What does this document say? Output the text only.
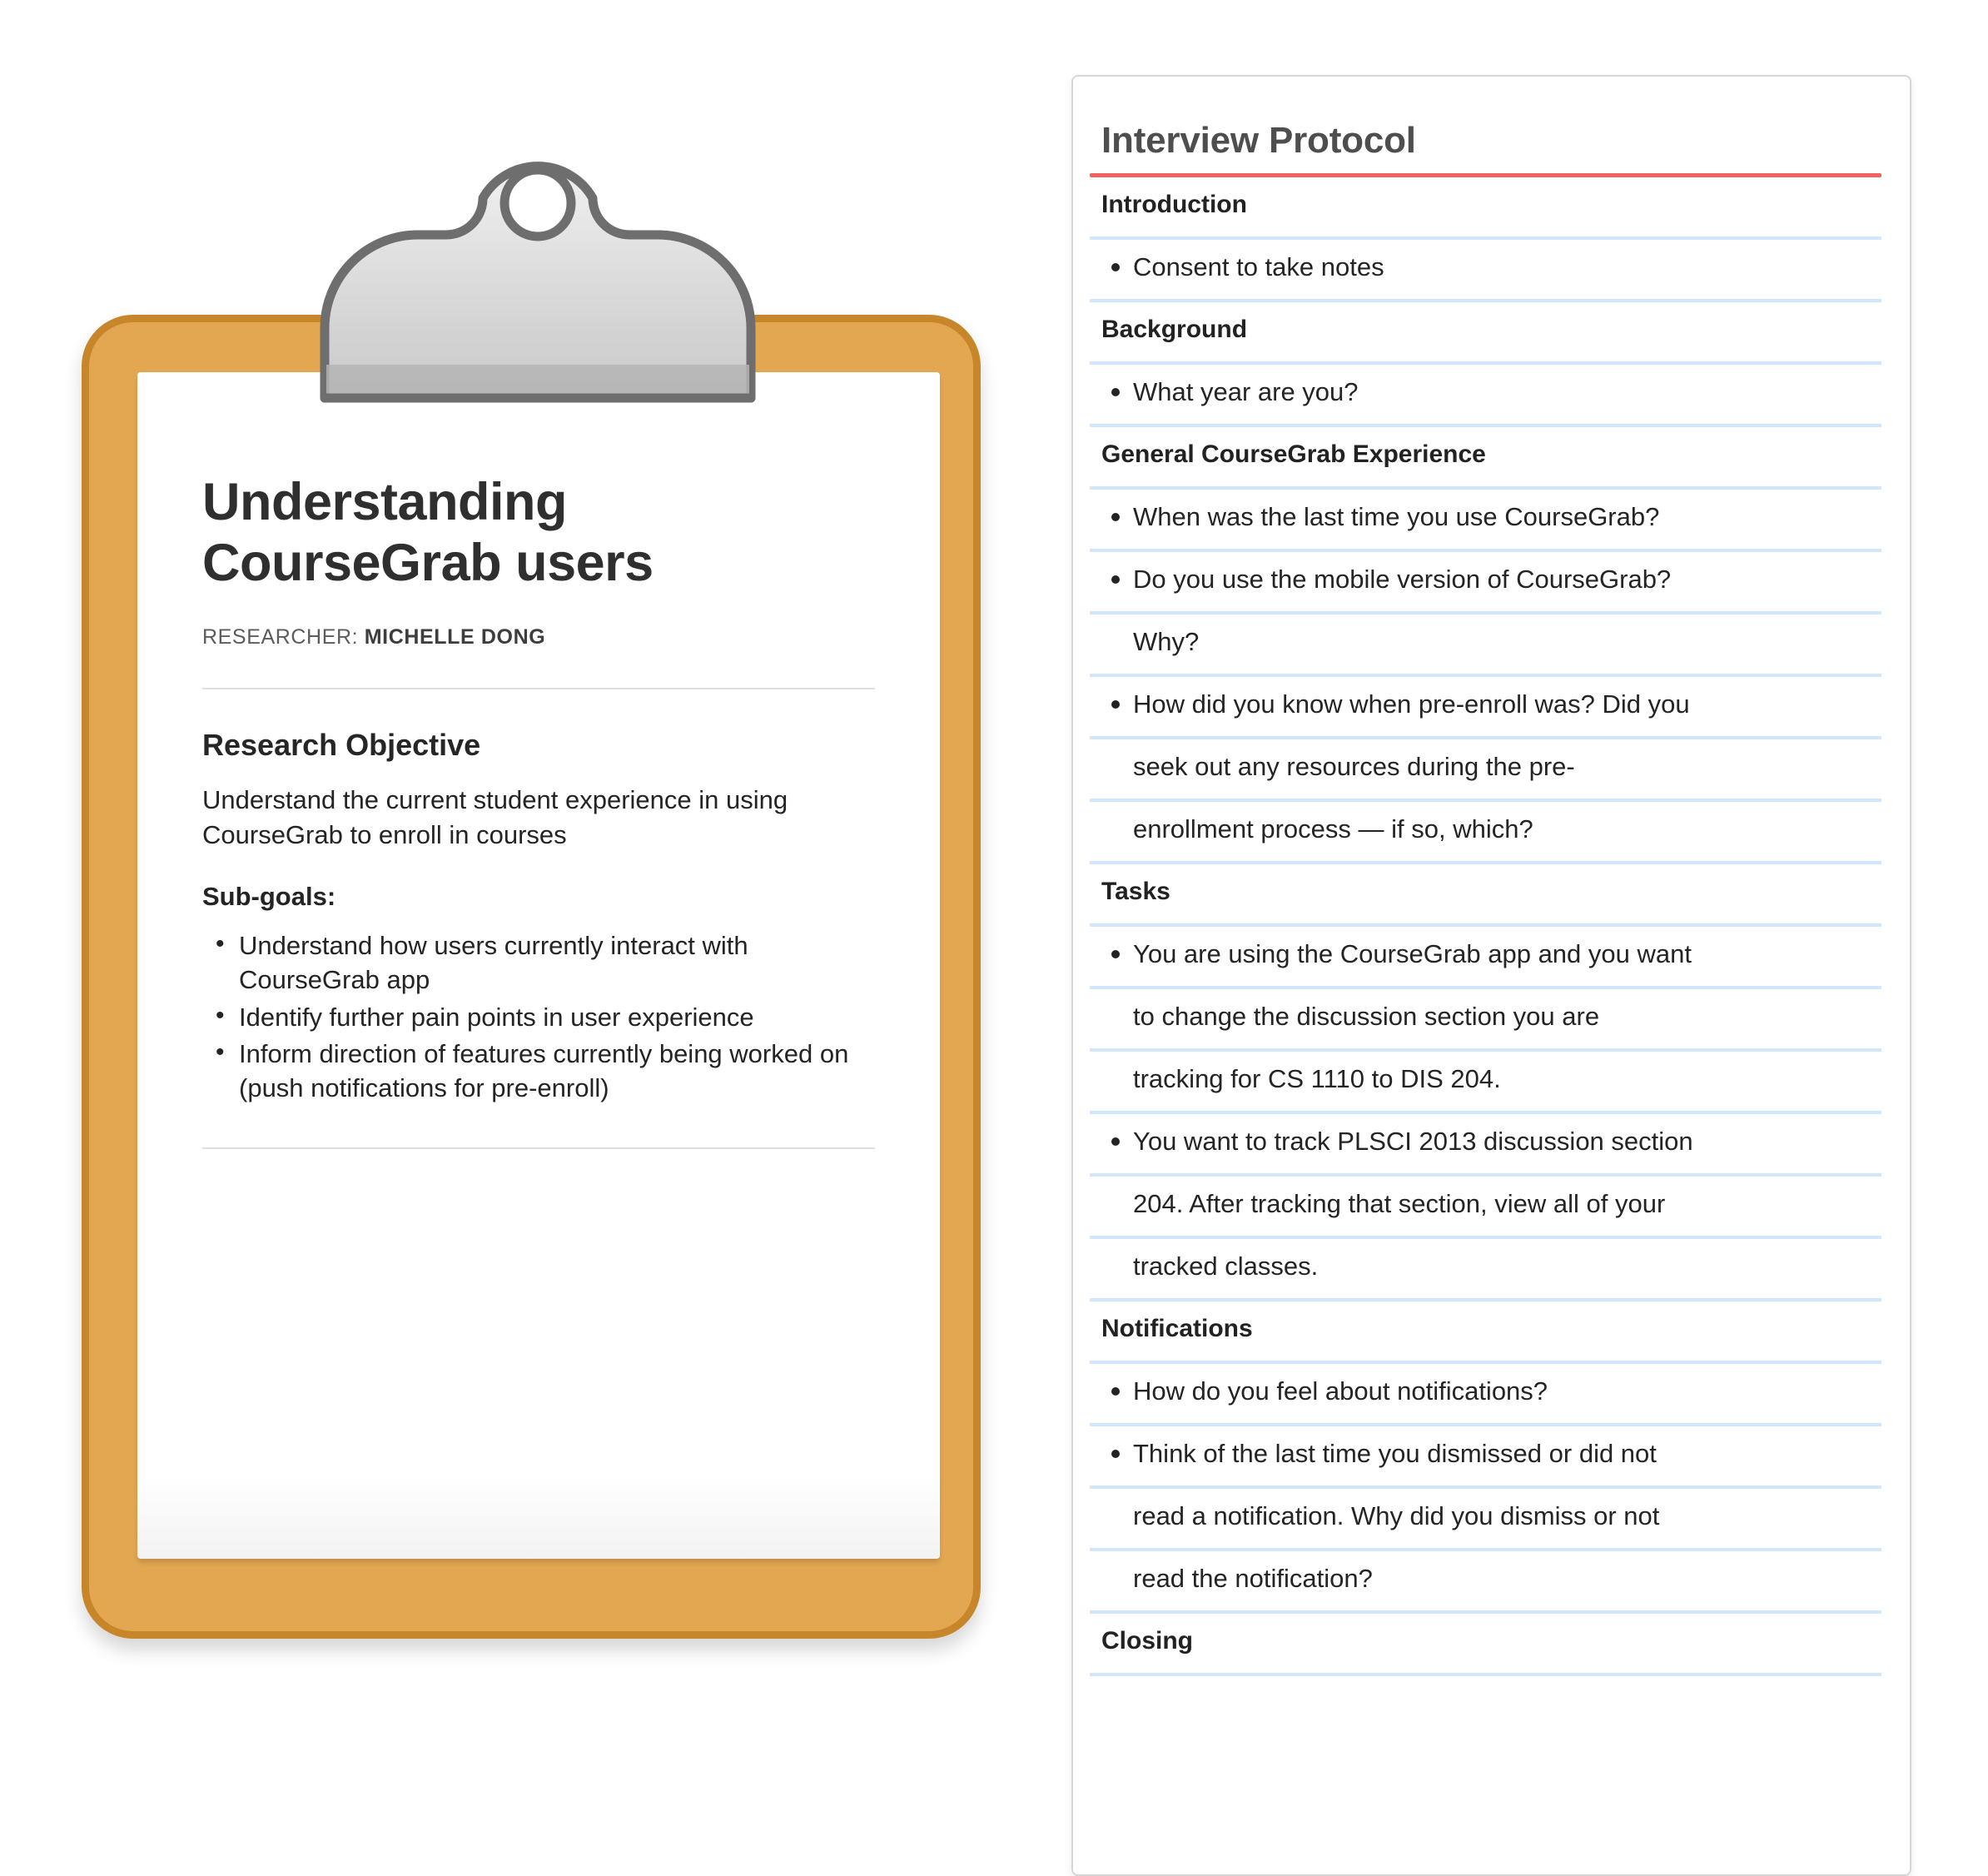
Understanding
CourseGrab users

RESEARCHER: MICHELLE DONG

Research Objective

Understand the current student experience in using CourseGrab to enroll in courses

Sub-goals:

• Understand how users currently interact with CourseGrab app
• Identify further pain points in user experience
• Inform direction of features currently being worked on (push notifications for pre-enroll)
Interview Protocol
Introduction
Consent to take notes
Background
What year are you?
General CourseGrab Experience
When was the last time you use CourseGrab?
Do you use the mobile version of CourseGrab?
Why?
How did you know when pre-enroll was? Did you
seek out any resources during the pre-
enrollment process — if so, which?
Tasks
You are using the CourseGrab app and you want
to change the discussion section you are
tracking for CS 1110 to DIS 204.
You want to track PLSCI 2013 discussion section
204. After tracking that section, view all of your
tracked classes.
Notifications
How do you feel about notifications?
Think of the last time you dismissed or did not
read a notification. Why did you dismiss or not
read the notification?
Closing
